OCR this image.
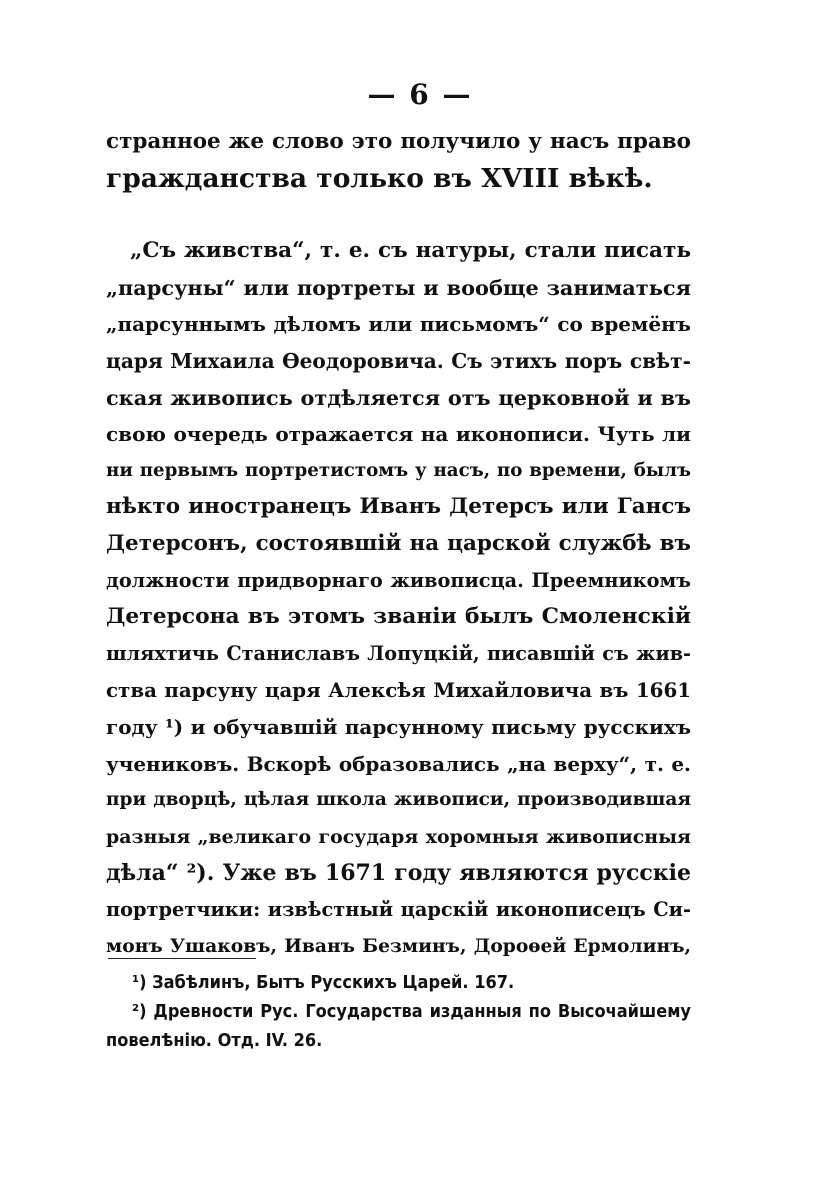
— 6 —
странное же слово это получило у насъ право
гражданства только въ XVIII вѣкѣ.
„Съ живства“, т. е. съ натуры, стали писать
„парсуны“ или портреты и вообще заниматься
„парсуннымъ дѣломъ или письмомъ“ со времёнъ
царя Михаила Ѳеодоровича. Съ этихъ поръ свѣт-
ская живопись отдѣляется отъ церковной и въ
свою очередь отражается на иконописи. Чуть ли
ни первымъ портретистомъ у насъ, по времени, былъ
нѣкто иностранецъ Иванъ Детерсъ или Гансъ
Детерсонъ, состоявшій на царской службѣ въ
должности придворнаго живописца. Преемникомъ
Детерсона въ этомъ званіи былъ Смоленскій
шляхтичь Станиславъ Лопуцкій, писавшій съ жив-
ства парсуну царя Алексѣя Михайловича въ 1661
году ¹) и обучавшій парсунному письму русскихъ
учениковъ. Вскорѣ образовались „на верху“, т. е.
при дворцѣ, цѣлая школа живописи, производившая
разныя „великаго государя хоромныя живописныя
дѣла“ ²). Уже въ 1671 году являются русскіе
портретчики: извѣстный царскій иконописецъ Си-
монъ Ушаковъ, Иванъ Безминъ, Дороѳей Ермолинъ,
¹) Забѣлинъ, Бытъ Русскихъ Царей. 167.
²) Древности Рус. Государства изданныя по Высочайшему
повелѣнію. Отд. IV. 26.
